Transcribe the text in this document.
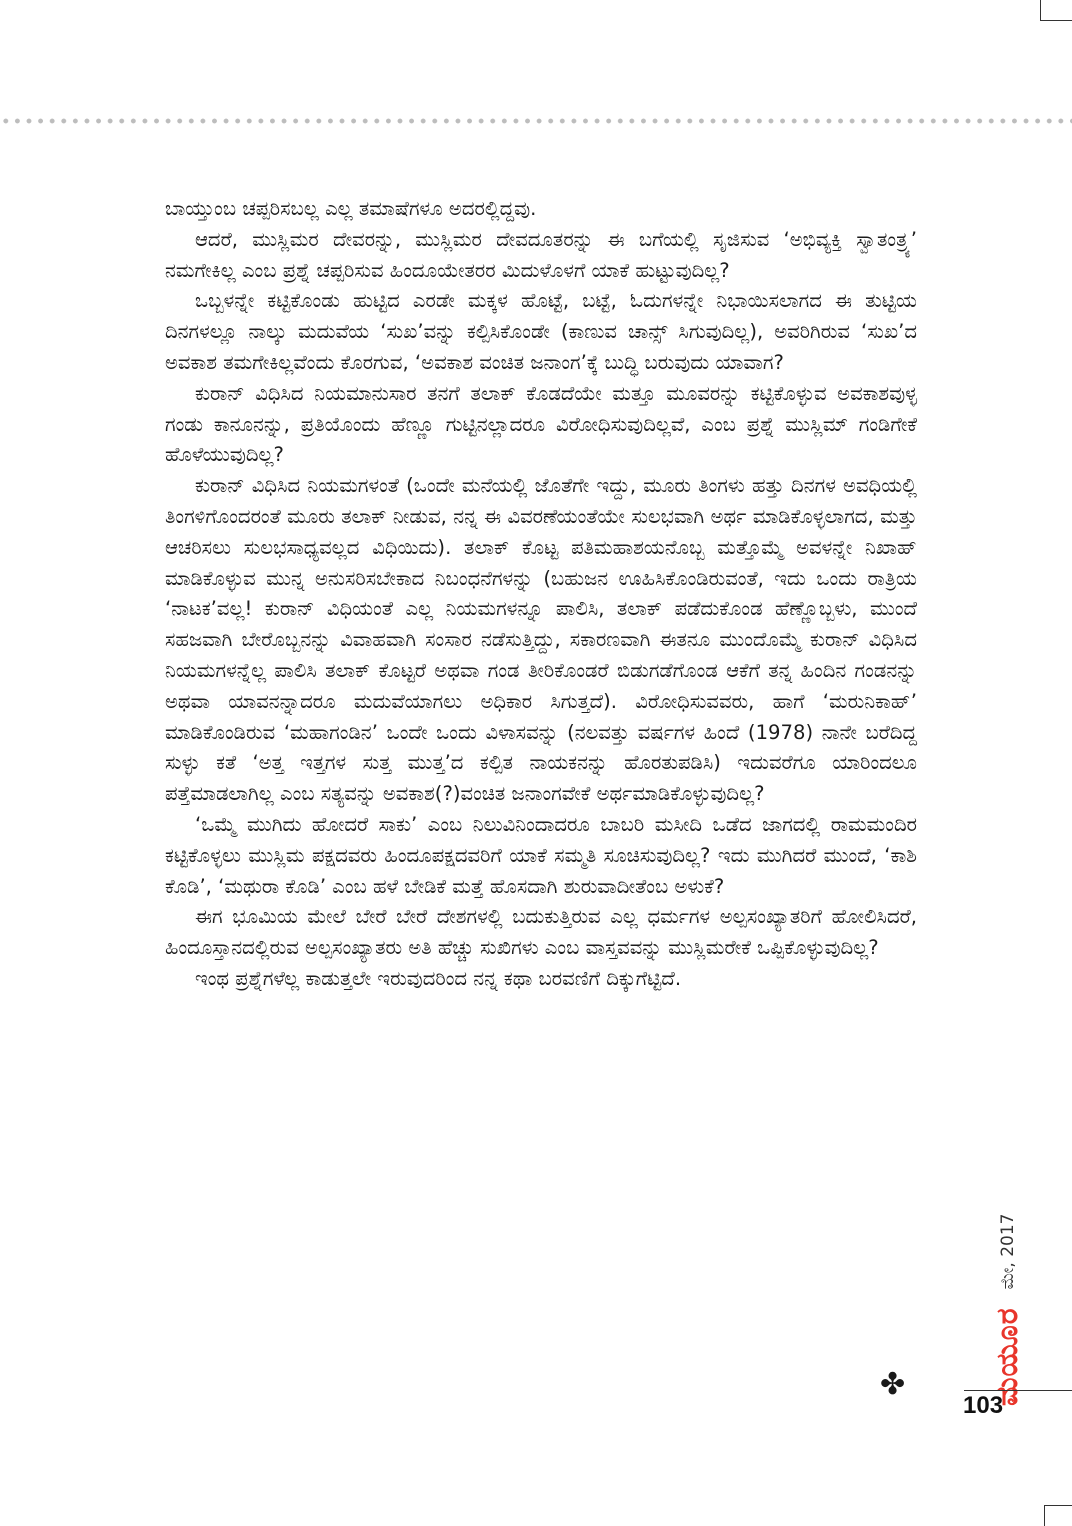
ಬಾಯ್ತುಂಬ ಚಪ್ಪರಿಸಬಲ್ಲ ಎಲ್ಲ ತಮಾಷೆಗಳೂ ಅದರಲ್ಲಿದ್ದವು.

ಆದರೆ, ಮುಸ್ಲಿಮರ ದೇವರನ್ನು, ಮುಸ್ಲಿಮರ ದೇವದೂತರನ್ನು ಈ ಬಗೆಯಲ್ಲಿ ಸೃಜಿಸುವ ‘ಅಭಿವ್ಯಕ್ತಿ ಸ್ವಾತಂತ್ರ್ಯ’ ನಮಗೇಕಿಲ್ಲ ಎಂಬ ಪ್ರಶ್ನೆ ಚಪ್ಪರಿಸುವ ಹಿಂದೂಯೇತರರ ಮಿದುಳೊಳಗೆ ಯಾಕೆ ಹುಟ್ಟುವುದಿಲ್ಲ?

ಒಬ್ಬಳನ್ನೇ ಕಟ್ಟಿಕೊಂಡು ಹುಟ್ಟಿದ ಎರಡೇ ಮಕ್ಕಳ ಹೊಟ್ಟೆ, ಬಟ್ಟೆ, ಓದುಗಳನ್ನೇ ನಿಭಾಯಿಸಲಾಗದ ಈ ತುಟ್ಟಿಯ ದಿನಗಳಲ್ಲೂ ನಾಲ್ಕು ಮದುವೆಯ ‘ಸುಖ’ವನ್ನು ಕಲ್ಪಿಸಿಕೊಂಡೇ (ಕಾಣುವ ಚಾನ್ಸ್ ಸಿಗುವುದಿಲ್ಲ), ಅವರಿಗಿರುವ ‘ಸುಖ’ದ ಅವಕಾಶ ತಮಗೇಕಿಲ್ಲವೆಂದು ಕೊರಗುವ, ‘ಅವಕಾಶ ವಂಚಿತ ಜನಾಂಗ’ಕ್ಕೆ ಬುದ್ಧಿ ಬರುವುದು ಯಾವಾಗ?

ಕುರಾನ್ ವಿಧಿಸಿದ ನಿಯಮಾನುಸಾರ ತನಗೆ ತಲಾಕ್ ಕೊಡದೆಯೇ ಮತ್ತೂ ಮೂವರನ್ನು ಕಟ್ಟಿಕೊಳ್ಳುವ ಅವಕಾಶವುಳ್ಳ ಗಂಡು ಕಾನೂನನ್ನು, ಪ್ರತಿಯೊಂದು ಹೆಣ್ಣೂ ಗುಟ್ಟಿನಲ್ಲಾದರೂ ವಿರೋಧಿಸುವುದಿಲ್ಲವೆ, ಎಂಬ ಪ್ರಶ್ನೆ ಮುಸ್ಲಿಮ್ ಗಂಡಿಗೇಕೆ ಹೊಳೆಯುವುದಿಲ್ಲ?

ಕುರಾನ್ ವಿಧಿಸಿದ ನಿಯಮಗಳಂತೆ (ಒಂದೇ ಮನೆಯಲ್ಲಿ ಜೊತೆಗೇ ಇದ್ದು, ಮೂರು ತಿಂಗಳು ಹತ್ತು ದಿನಗಳ ಅವಧಿಯಲ್ಲಿ ತಿಂಗಳಿಗೊಂದರಂತೆ ಮೂರು ತಲಾಕ್ ನೀಡುವ, ನನ್ನ ಈ ವಿವರಣೆಯಂತೆಯೇ ಸುಲಭವಾಗಿ ಅರ್ಥ ಮಾಡಿಕೊಳ್ಳಲಾಗದ, ಮತ್ತು ಆಚರಿಸಲು ಸುಲಭಸಾಧ್ಯವಲ್ಲದ ವಿಧಿಯಿದು). ತಲಾಕ್ ಕೊಟ್ಟ ಪತಿಮಹಾಶಯನೊಬ್ಬ ಮತ್ತೊಮ್ಮೆ ಅವಳನ್ನೇ ನಿಖಾಹ್ ಮಾಡಿಕೊಳ್ಳುವ ಮುನ್ನ ಅನುಸರಿಸಬೇಕಾದ ನಿಬಂಧನೆಗಳನ್ನು (ಬಹುಜನ ಊಹಿಸಿಕೊಂಡಿರುವಂತೆ, ಇದು ಒಂದು ರಾತ್ರಿಯ ‘ನಾಟಕ’ವಲ್ಲ! ಕುರಾನ್ ವಿಧಿಯಂತೆ ಎಲ್ಲ ನಿಯಮಗಳನ್ನೂ ಪಾಲಿಸಿ, ತಲಾಕ್ ಪಡೆದುಕೊಂಡ ಹೆಣ್ಣೊಬ್ಬಳು, ಮುಂದೆ ಸಹಜವಾಗಿ ಬೇರೊಬ್ಬನನ್ನು ವಿವಾಹವಾಗಿ ಸಂಸಾರ ನಡೆಸುತ್ತಿದ್ದು, ಸಕಾರಣವಾಗಿ ಈತನೂ ಮುಂದೊಮ್ಮೆ ಕುರಾನ್ ವಿಧಿಸಿದ ನಿಯಮಗಳನ್ನೆಲ್ಲ ಪಾಲಿಸಿ ತಲಾಕ್ ಕೊಟ್ಟರೆ ಅಥವಾ ಗಂಡ ತೀರಿಕೊಂಡರೆ ಬಿಡುಗಡೆಗೊಂಡ ಆಕೆಗೆ ತನ್ನ ಹಿಂದಿನ ಗಂಡನನ್ನು ಅಥವಾ ಯಾವನನ್ನಾದರೂ ಮದುವೆಯಾಗಲು ಅಧಿಕಾರ ಸಿಗುತ್ತದೆ). ವಿರೋಧಿಸುವವರು, ಹಾಗೆ ‘ಮರುನಿಕಾಹ್’ ಮಾಡಿಕೊಂಡಿರುವ ‘ಮಹಾಗಂಡಿನ’ ಒಂದೇ ಒಂದು ವಿಳಾಸವನ್ನು (ನಲವತ್ತು ವರ್ಷಗಳ ಹಿಂದೆ (1978) ನಾನೇ ಬರೆದಿದ್ದ ಸುಳ್ಳು ಕತೆ ‘ಅತ್ತ ಇತ್ತಗಳ ಸುತ್ತ ಮುತ್ತ’ದ ಕಲ್ಪಿತ ನಾಯಕನನ್ನು ಹೊರತುಪಡಿಸಿ) ಇದುವರೆಗೂ ಯಾರಿಂದಲೂ ಪತ್ತೆಮಾಡಲಾಗಿಲ್ಲ ಎಂಬ ಸತ್ಯವನ್ನು ಅವಕಾಶ(?)ವಂಚಿತ ಜನಾಂಗವೇಕೆ ಅರ್ಥಮಾಡಿಕೊಳ್ಳುವುದಿಲ್ಲ?

‘ಒಮ್ಮೆ ಮುಗಿದು ಹೋದರೆ ಸಾಕು’ ಎಂಬ ನಿಲುವಿನಿಂದಾದರೂ ಬಾಬರಿ ಮಸೀದಿ ಒಡೆದ ಜಾಗದಲ್ಲಿ ರಾಮಮಂದಿರ ಕಟ್ಟಿಕೊಳ್ಳಲು ಮುಸ್ಲಿಮ ಪಕ್ಷದವರು ಹಿಂದೂಪಕ್ಷದವರಿಗೆ ಯಾಕೆ ಸಮ್ಮತಿ ಸೂಚಿಸುವುದಿಲ್ಲ? ಇದು ಮುಗಿದರೆ ಮುಂದೆ, ‘ಕಾಶಿ ಕೊಡಿ’, ‘ಮಥುರಾ ಕೊಡಿ’ ಎಂಬ ಹಳೆ ಬೇಡಿಕೆ ಮತ್ತೆ ಹೊಸದಾಗಿ ಶುರುವಾದೀತೆಂಬ ಅಳುಕೆ?

ಈಗ ಭೂಮಿಯ ಮೇಲೆ ಬೇರೆ ಬೇರೆ ದೇಶಗಳಲ್ಲಿ ಬದುಕುತ್ತಿರುವ ಎಲ್ಲ ಧರ್ಮಗಳ ಅಲ್ಪಸಂಖ್ಯಾತರಿಗೆ ಹೋಲಿಸಿದರೆ, ಹಿಂದೂಸ್ತಾನದಲ್ಲಿರುವ ಅಲ್ಪಸಂಖ್ಯಾತರು ಅತಿ ಹೆಚ್ಚು ಸುಖಿಗಳು ಎಂಬ ವಾಸ್ತವವನ್ನು ಮುಸ್ಲಿಮರೇಕೆ ಒಪ್ಪಿಕೊಳ್ಳುವುದಿಲ್ಲ?

ಇಂಥ ಪ್ರಶ್ನೆಗಳೆಲ್ಲ ಕಾಡುತ್ತಲೇ ಇರುವುದರಿಂದ ನನ್ನ ಕಥಾ ಬರವಣಿಗೆ ದಿಕ್ಕುಗೆಟ್ಟಿದೆ.

✤	ಮಯೂರ
ಮೇ, 2017
103
